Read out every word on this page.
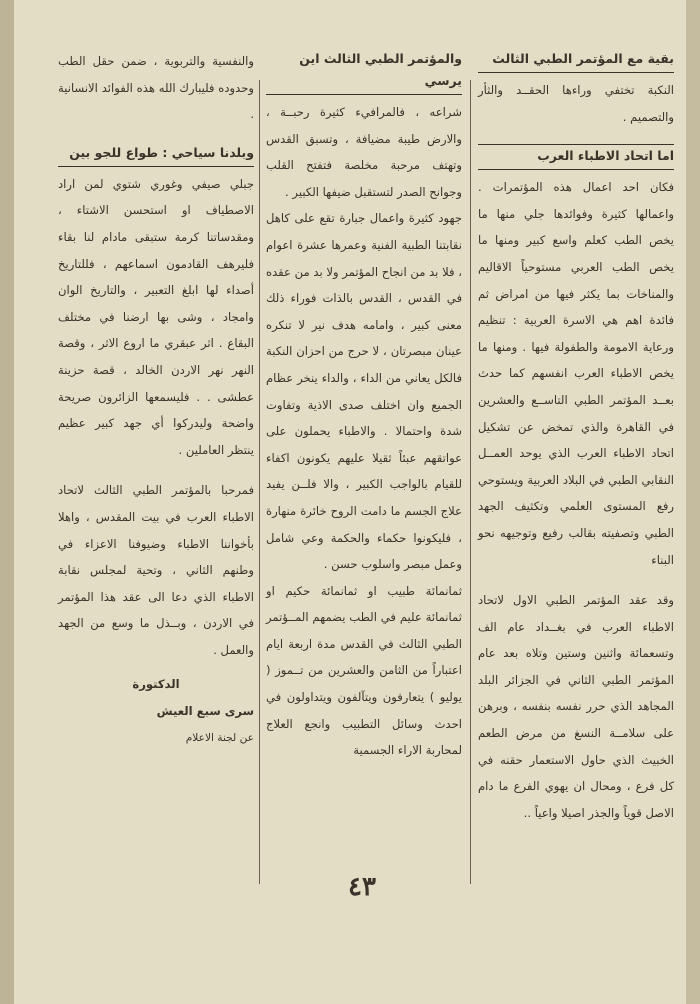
بقية مع المؤتمر الطبي الثالث

النكبة تختفي وراءها الحقــد والثأر والتصميم .

اما اتحاد الاطباء العرب

فكان احد اعمال هذه المؤتمرات . واعمالها كثيرة وفوائدها جلي منها ما يخص الطب كعلم واسع كبير ومنها ما يخص الطب العربي مستوحياً الاقاليم والمناخات بما يكثر فيها من امراض ثم فائدة اهم هي الاسرة العربية : تنظيم ورعاية الامومة والطفولة فيها . ومنها ما يخص الاطباء العرب انفسهم كما حدث بعــد المؤتمر الطبي التاســع والعشرين في القاهرة والذي تمخض عن تشكيل اتحاد الاطباء العرب الذي يوحد العمــل النقابي الطبي في البلاد العربية ويستوحي رفع المستوى العلمي وتكثيف الجهد الطبي وتصفيته بقالب رفيع وتوجيهه نحو البناء

وقد عقد المؤتمر الطبي الاول لاتحاد الاطباء العرب في بغــداد عام الف وتسعمائة واثنين وستين وتلاه بعد عام المؤتمر الطبي الثاني في الجزائر البلد المجاهد الذي حرر نفسه بنفسه ، وبرهن على سلامــة النسغ من مرض الطعم الخبيث الذي حاول الاستعمار حقنه في كل فرع ، ومحال ان يهوي الفرع ما دام الاصل قوياً والجذر اصيلا واعياً ..

والمؤتمر الطبي الثالث اين يرسي

شراعه ، فالمرافيء كثيرة رحبــة ، والارض طيبة مضيافة ، وتسبق القدس وتهتف مرحبة مخلصة فتفتح القلب وجوانح الصدر لتستقبل ضيفها الكبير .

جهود كثيرة واعمال جبارة تقع على كاهل نقابتنا الطبية الفنية وعمرها عشرة اعوام ، فلا بد من انجاح المؤتمر ولا بد من عقده في القدس ، القدس بالذات فوراء ذلك معنى كبير ، وامامه هدف نير لا تنكره عينان مبصرتان ، لا حرج من احزان النكبة فالكل يعاني من الداء ، والداء ينخر عظام الجميع وان اختلف صدى الاذية وتفاوت شدة واحتمالا . والاطباء يحملون على عواتقهم عبئاً ثقيلا عليهم يكونون اكفاء للقيام بالواجب الكبير ، والا فلــن يفيد علاج الجسم ما دامت الروح خائرة منهارة ، فليكونوا حكماء والحكمة وعي شامل وعمل مبصر واسلوب حسن .

ثمانمائة طبيب او ثمانمائة حكيم او ثمانمائة عليم في الطب يضمهم المــؤتمر الطبي الثالث في القدس مدة اربعة ايام اعتباراً من الثامن والعشرين من تــموز ( يوليو ) يتعارفون ويتآلفون ويتداولون في احدث وسائل التطبيب وانجع العلاج لمحاربة الاراء الجسمية

والنفسية والتربوية ، ضمن حقل الطب وحدوده فليبارك الله هذه الفوائد الانسانية .

وبلدنا سياحي : طواع للجو بين

جبلي صيفي وغوري شتوي لمن اراد الاصطياف او استحسن الاشتاء ، ومقدساتنا كرمة ستبقى مادام لنا بقاء فليرهف القادمون اسماعهم ، فللتاريخ أصداء لها ابلغ التعبير ، والتاريخ الوان وامجاد ، وشى بها ارضنا في مختلف البقاع . اثر عبقري ما اروع الاثر ، وقصة النهر نهر الاردن الخالد ، قصة حزينة عطشى . . فليسمعها الزائرون صريحة واضحة وليدركوا أي جهد كبير عظيم ينتظر العاملين .

فمرحبا بالمؤتمر الطبي الثالث لاتحاد الاطباء العرب في بيت المقدس ، واهلا بأخواننا الاطباء وضيوفنا الاعزاء في وطنهم الثاني ، وتحية لمجلس نقابة الاطباء الذي دعا الى عقد هذا المؤتمر في الاردن ، وبــذل ما وسع من الجهد والعمل .

الدكتورة
سرى سبع العيش
عن لجنة الاعلام
٤٣
